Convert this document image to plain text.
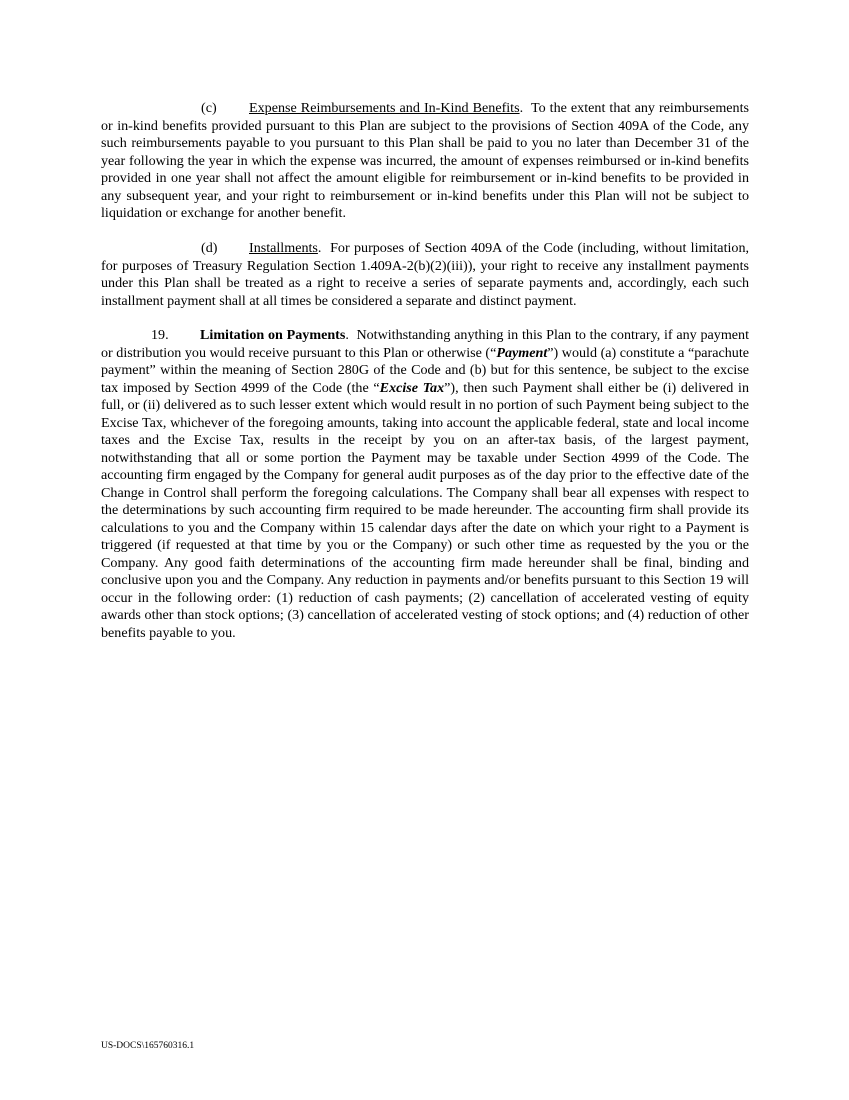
(c) Expense Reimbursements and In-Kind Benefits. To the extent that any reimbursements or in-kind benefits provided pursuant to this Plan are subject to the provisions of Section 409A of the Code, any such reimbursements payable to you pursuant to this Plan shall be paid to you no later than December 31 of the year following the year in which the expense was incurred, the amount of expenses reimbursed or in-kind benefits provided in one year shall not affect the amount eligible for reimbursement or in-kind benefits to be provided in any subsequent year, and your right to reimbursement or in-kind benefits under this Plan will not be subject to liquidation or exchange for another benefit.

(d) Installments. For purposes of Section 409A of the Code (including, without limitation, for purposes of Treasury Regulation Section 1.409A-2(b)(2)(iii)), your right to receive any installment payments under this Plan shall be treated as a right to receive a series of separate payments and, accordingly, each such installment payment shall at all times be considered a separate and distinct payment.

19. Limitation on Payments. Notwithstanding anything in this Plan to the contrary, if any payment or distribution you would receive pursuant to this Plan or otherwise (“Payment”) would (a) constitute a “parachute payment” within the meaning of Section 280G of the Code and (b) but for this sentence, be subject to the excise tax imposed by Section 4999 of the Code (the “Excise Tax”), then such Payment shall either be (i) delivered in full, or (ii) delivered as to such lesser extent which would result in no portion of such Payment being subject to the Excise Tax, whichever of the foregoing amounts, taking into account the applicable federal, state and local income taxes and the Excise Tax, results in the receipt by you on an after-tax basis, of the largest payment, notwithstanding that all or some portion the Payment may be taxable under Section 4999 of the Code. The accounting firm engaged by the Company for general audit purposes as of the day prior to the effective date of the Change in Control shall perform the foregoing calculations. The Company shall bear all expenses with respect to the determinations by such accounting firm required to be made hereunder. The accounting firm shall provide its calculations to you and the Company within 15 calendar days after the date on which your right to a Payment is triggered (if requested at that time by you or the Company) or such other time as requested by the you or the Company. Any good faith determinations of the accounting firm made hereunder shall be final, binding and conclusive upon you and the Company. Any reduction in payments and/or benefits pursuant to this Section 19 will occur in the following order: (1) reduction of cash payments; (2) cancellation of accelerated vesting of equity awards other than stock options; (3) cancellation of accelerated vesting of stock options; and (4) reduction of other benefits payable to you.

US-DOCS\165760316.1
